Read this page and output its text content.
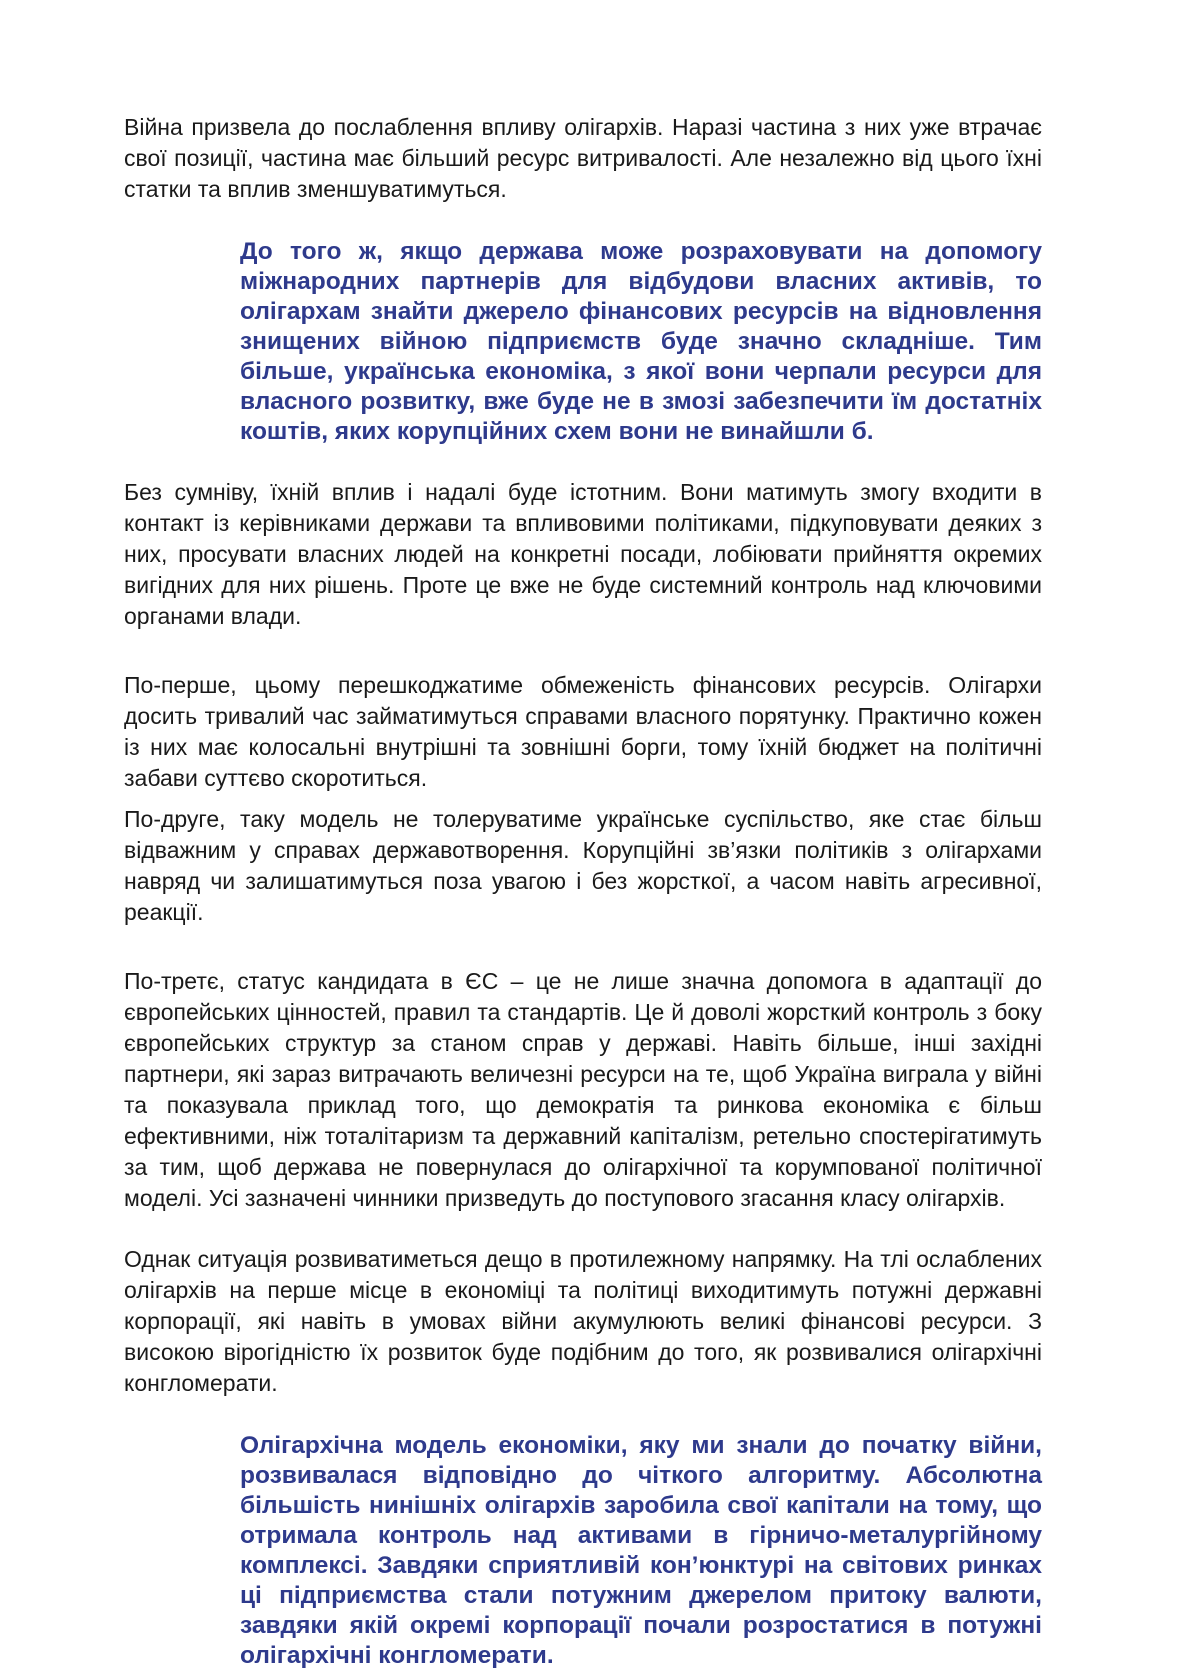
Війна призвела до послаблення впливу олігархів. Наразі частина з них уже втрачає свої позиції, частина має більший ресурс витривалості. Але незалежно від цього їхні статки та вплив зменшуватимуться.

До того ж, якщо держава може розраховувати на допомогу міжнародних партнерів для відбудови власних активів, то олігархам знайти джерело фінансових ресурсів на відновлення знищених війною підприємств буде значно складніше. Тим більше, українська економіка, з якої вони черпали ресурси для власного розвитку, вже буде не в змозі забезпечити їм достатніх коштів, яких корупційних схем вони не винайшли б.

Без сумніву, їхній вплив і надалі буде істотним. Вони матимуть змогу входити в контакт із керівниками держави та впливовими політиками, підкуповувати деяких з них, просувати власних людей на конкретні посади, лобіювати прийняття окремих вигідних для них рішень. Проте це вже не буде системний контроль над ключовими органами влади.

По-перше, цьому перешкоджатиме обмеженість фінансових ресурсів. Олігархи досить тривалий час займатимуться справами власного порятунку. Практично кожен із них має колосальні внутрішні та зовнішні борги, тому їхній бюджет на політичні забави суттєво скоротиться.

По-друге, таку модель не толеруватиме українське суспільство, яке стає більш відважним у справах державотворення. Корупційні зв’язки політиків з олігархами навряд чи залишатимуться поза увагою і без жорсткої, а часом навіть агресивної, реакції.

По-третє, статус кандидата в ЄС – це не лише значна допомога в адаптації до європейських цінностей, правил та стандартів. Це й доволі жорсткий контроль з боку європейських структур за станом справ у державі. Навіть більше, інші західні партнери, які зараз витрачають величезні ресурси на те, щоб Україна виграла у війні та показувала приклад того, що демократія та ринкова економіка є більш ефективними, ніж тоталітаризм та державний капіталізм, ретельно спостерігатимуть за тим, щоб держава не повернулася до олігархічної та корумпованої політичної моделі. Усі зазначені чинники призведуть до поступового згасання класу олігархів.

Однак ситуація розвиватиметься дещо в протилежному напрямку. На тлі ослаблених олігархів на перше місце в економіці та політиці виходитимуть потужні державні корпорації, які навіть в умовах війни акумулюють великі фінансові ресурси. З високою вірогідністю їх розвиток буде подібним до того, як розвивалися олігархічні конгломерати.

Олігархічна модель економіки, яку ми знали до початку війни, розвивалася відповідно до чіткого алгоритму. Абсолютна більшість нинішніх олігархів заробила свої капітали на тому, що отримала контроль над активами в гірничо-металургійному комплексі. Завдяки сприятливій кон’юнктурі на світових ринках ці підприємства стали потужним джерелом притоку валюти, завдяки якій окремі корпорації почали розростатися в потужні олігархічні конгломерати.
